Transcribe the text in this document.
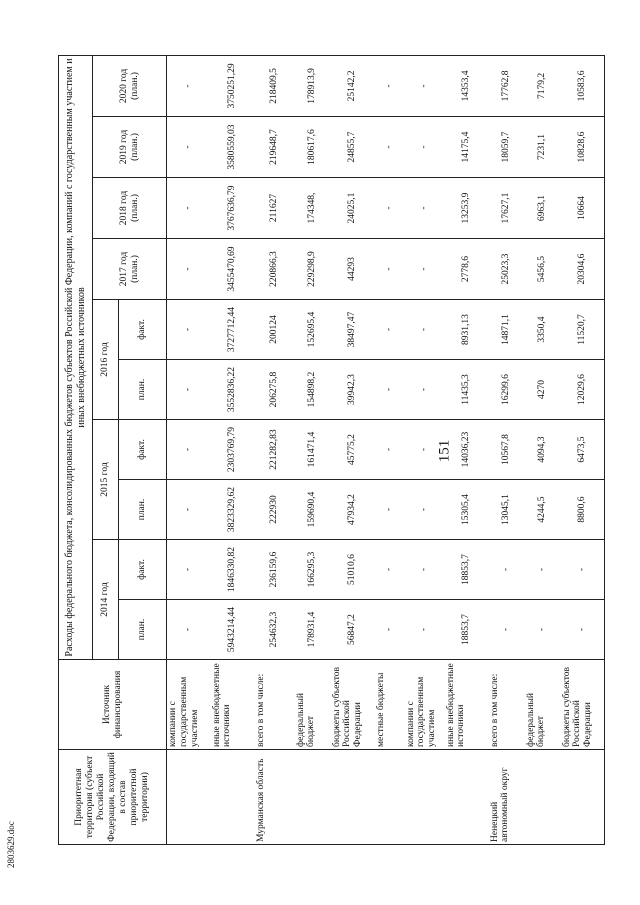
151
2803629.doc
Приоритетная территория (субъект Российской Федерации, входящий в состав приоритетной территории)	Источник финансирования	Расходы федерального бюджета, консолидированных бюджетов субъектов Российской Федерации, компаний с государственным участием и иных внебюджетных источников									
		2014 год		2015 год		2016 год		2017 год (план.)	2018 год (план.)	2019 год (план.)	2020 год (план.)
		план.	факт.	план.	факт.	план.	факт.				
	компании с государственным участием	-	-	-	-	-	-	-	-	-	-
	иные внебюджетные источники	5943214,44	1846330,82	3823329,62	2303769,79	3552836,22	3727712,44	3455470,69	3767636,79	3580559,03	3750251,29
Мурманская область	всего в том числе:	254632,3	236159,6	222930	221282,83	206275,8	200124	220866,3	211627	219648,7	218409,5
	федеральный бюджет	178931,4	166295,3	159690,4	161471,4	154898,2	152695,4	229298,9	174348,	180617,6	178913,9
	бюджеты субъектов Российской Федерации	56847,2	51010,6	47934,2	45775,2	39942,3	38497,47	44293	24025,1	24855,7	25142,2
	местные бюджеты	-	-	-	-	-	-	-	-	-	-
	компании с государственным участием	-	-	-	-	-	-	-	-	-	-
	иные внебюджетные источники	18853,7	18853,7	15305,4	14036,23	11435,3	8931,13	2778,6	13253,9	14175,4	14353,4
Ненецкий автономный округ	всего в том числе:	-	-	13045,1	10567,8	16299,6	14871,1	25023,3	17627,1	18059,7	17762,8
	федеральный бюджет	-	-	4244,5	4094,3	4270	3350,4	5456,5	6963,1	7231,1	7179,2
	бюджеты субъектов Российской Федерации	-	-	8800,6	6473,5	12029,6	11520,7	20304,6	10664	10828,6	10583,6
